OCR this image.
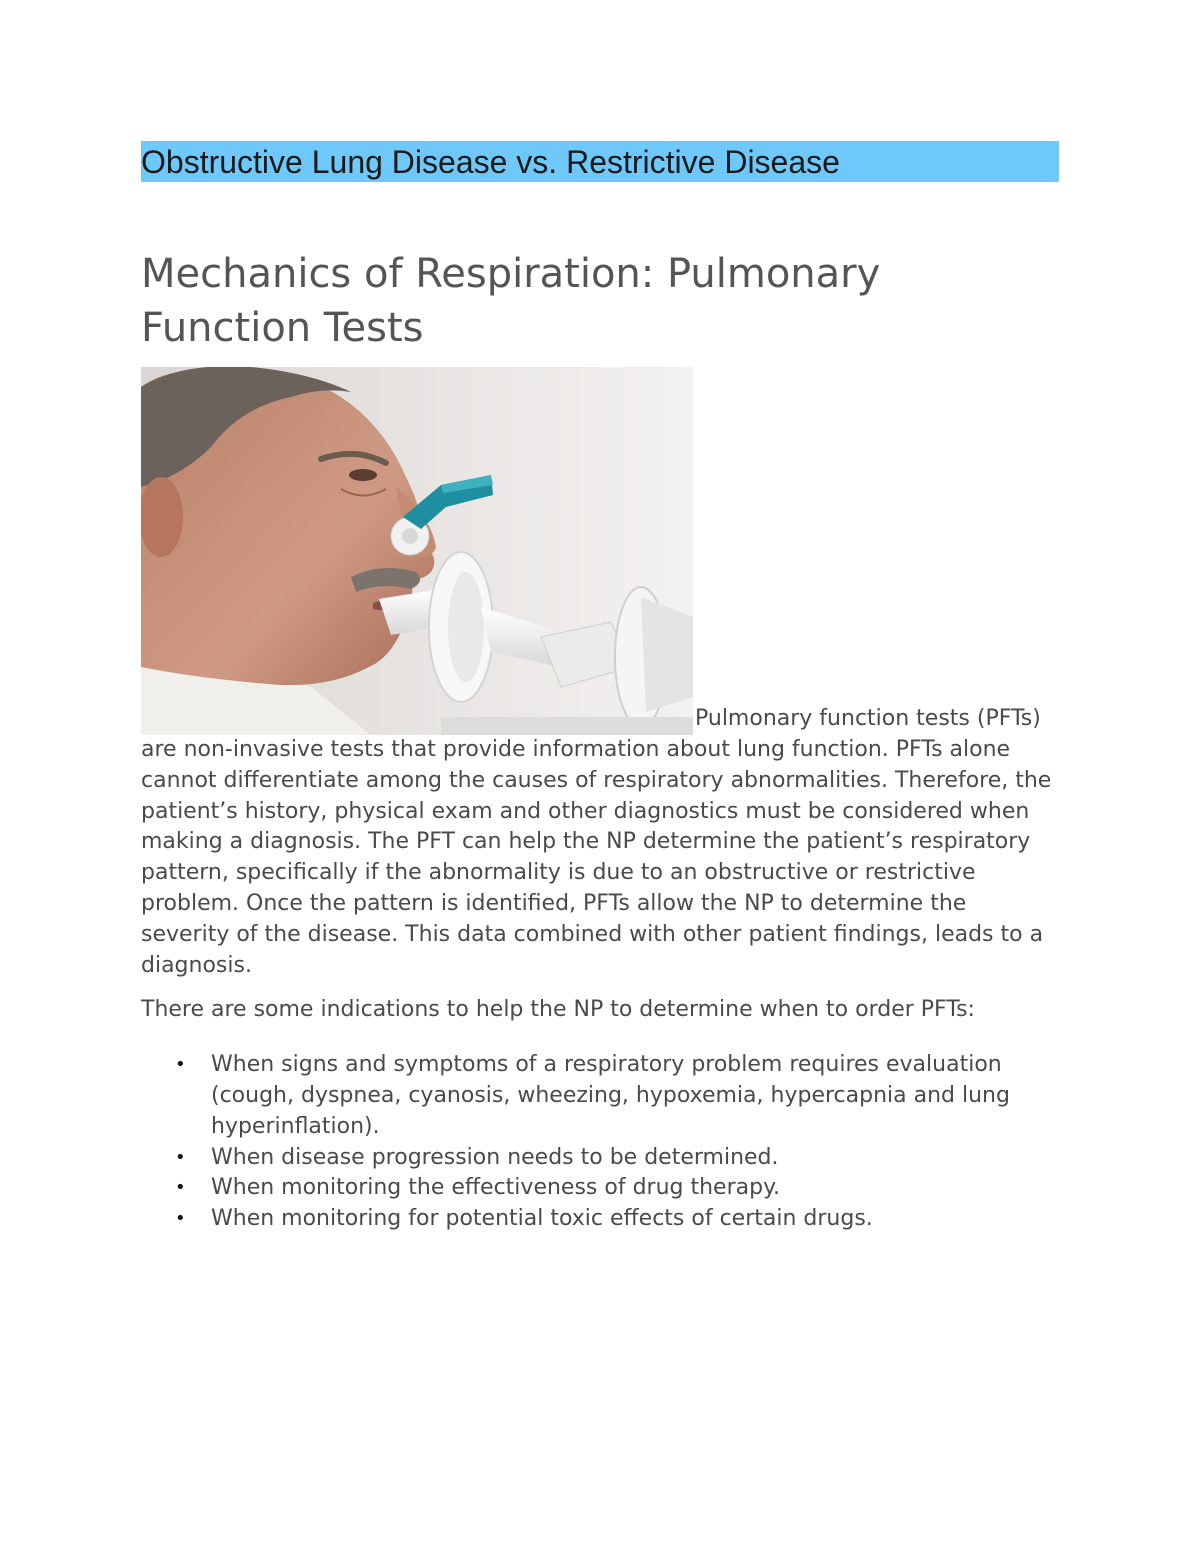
Obstructive Lung Disease vs. Restrictive Disease
Mechanics of Respiration: Pulmonary
Function Tests

Pulmonary function tests (PFTs) are non-invasive tests that provide information about lung function. PFTs alone cannot differentiate among the causes of respiratory abnormalities. Therefore, the patient’s history, physical exam and other diagnostics must be considered when making a diagnosis. The PFT can help the NP determine the patient’s respiratory pattern, specifically if the abnormality is due to an obstructive or restrictive problem. Once the pattern is identified, PFTs allow the NP to determine the severity of the disease. This data combined with other patient findings, leads to a diagnosis.

There are some indications to help the NP to determine when to order PFTs:

• When signs and symptoms of a respiratory problem requires evaluation (cough, dyspnea, cyanosis, wheezing, hypoxemia, hypercapnia and lung hyperinflation).
• When disease progression needs to be determined.
• When monitoring the effectiveness of drug therapy.
• When monitoring for potential toxic effects of certain drugs.
